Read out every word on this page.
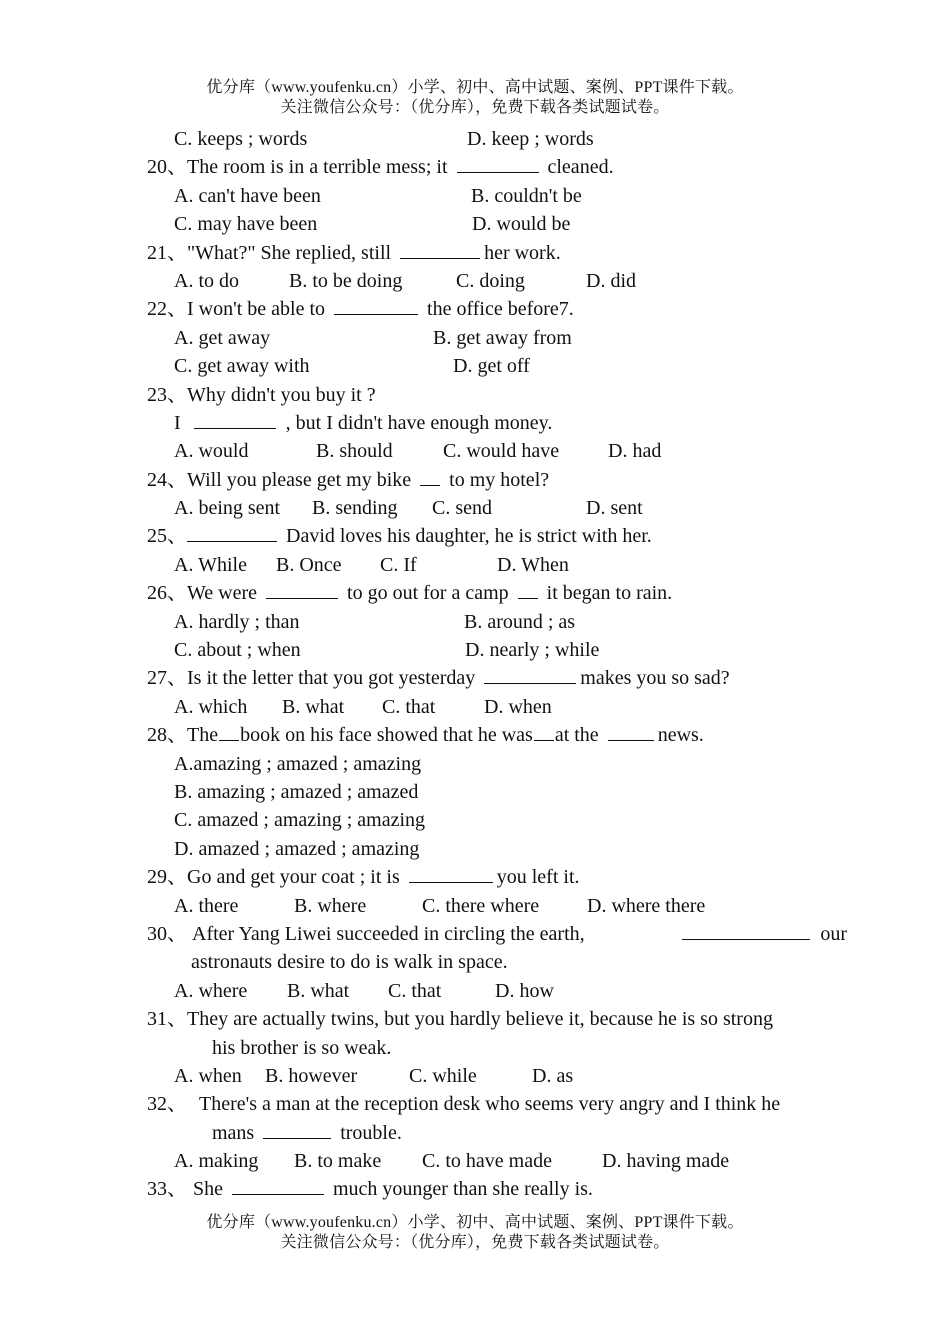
优分库（www.youfenku.cn）小学、初中、高中试题、案例、PPT课件下载。
关注微信公众号：（优分库），免费下载各类试题试卷。
C. keeps ; words	D. keep ; words
20、The room is in a terrible mess; it	cleaned.
A. can't have been	B. couldn't be
C. may have been	D. would be
21、"What?" She replied, still	her work.
A. to do	B. to be doing	C. doing	D. did
22、I won't be able to	the office before7.
A. get away	B. get away from
C. get away with	D. get off
23、Why didn't you buy it ?
I	, but I didn't have enough money.
A. would	B. should	C. would have D. had
24、Will you please get my bike to my hotel?
A. being sent B. sending C. send	D. sent
25、	David loves his daughter, he is strict with her.
A. While B. Once C. If	D. When
26、We were	to go out for a camp it began to rain.
A. hardly ; than	B. around ; as
C. about ; when	D. nearly ; while
27、Is it the letter that you got yesterday	makes you so sad?
A. which B. what C. that D. when
28、The book on his face showed that he was at the	news.
A.amazing ; amazed ; amazing
B. amazing ; amazed ; amazed
C. amazed ; amazing ; amazing
D. amazed ; amazed ; amazing
29、Go and get your coat ; it is	you left it.
A. there	B. where	C. there where D. where there
30、 After Yang Liwei succeeded in circling the earth,	our
astronauts desire to do is walk in space.
A. where B. what C. that	D. how
31、They are actually twins, but you hardly believe it, because he is so strong
his brother is so weak.
A. when B. however	C. while	D. as
32、 There's a man at the reception desk who seems very angry and I think he
mans	trouble.
A. making B. to make C. to have made	D. having made
33、 She	much younger than she really is.
优分库（www.youfenku.cn）小学、初中、高中试题、案例、PPT课件下载。
关注微信公众号：（优分库），免费下载各类试题试卷。
